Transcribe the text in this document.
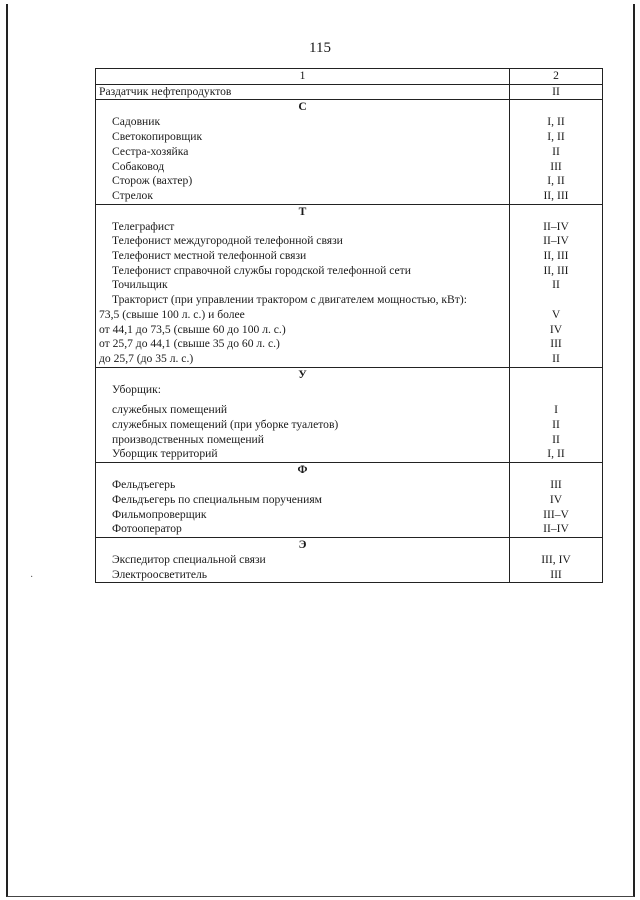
115
1	2
Раздатчик нефтепродуктов	II
С	
Садовник	I, II
Светокопировщик	I, II
Сестра-хозяйка	II
Собаковод	III
Сторож (вахтер)	I, II
Стрелок	II, III
Т	
Телеграфист	II–IV
Телефонист междугородной телефонной связи	II–IV
Телефонист местной телефонной связи	II, III
Телефонист справочной службы городской телефонной сети	II, III
Точильщик	II
Тракторист (при управлении трактором с двигателем мощностью, кВт):	
73,5 (свыше 100 л. с.) и более	V
от 44,1 до 73,5 (свыше 60 до 100 л. с.)	IV
от 25,7 до 44,1 (свыше 35 до 60 л. с.)	III
до 25,7 (до 35 л. с.)	II
У	
Уборщик:	

служебных помещений	I
служебных помещений (при уборке туалетов)	II
производственных помещений	II
Уборщик территорий	I, II
Ф	
Фельдъегерь	III
Фельдъегерь по специальным поручениям	IV
Фильмопроверщик	III–V
Фотооператор	II–IV
Э	
Экспедитор специальной связи	III, IV
Электроосветитель	III
·
